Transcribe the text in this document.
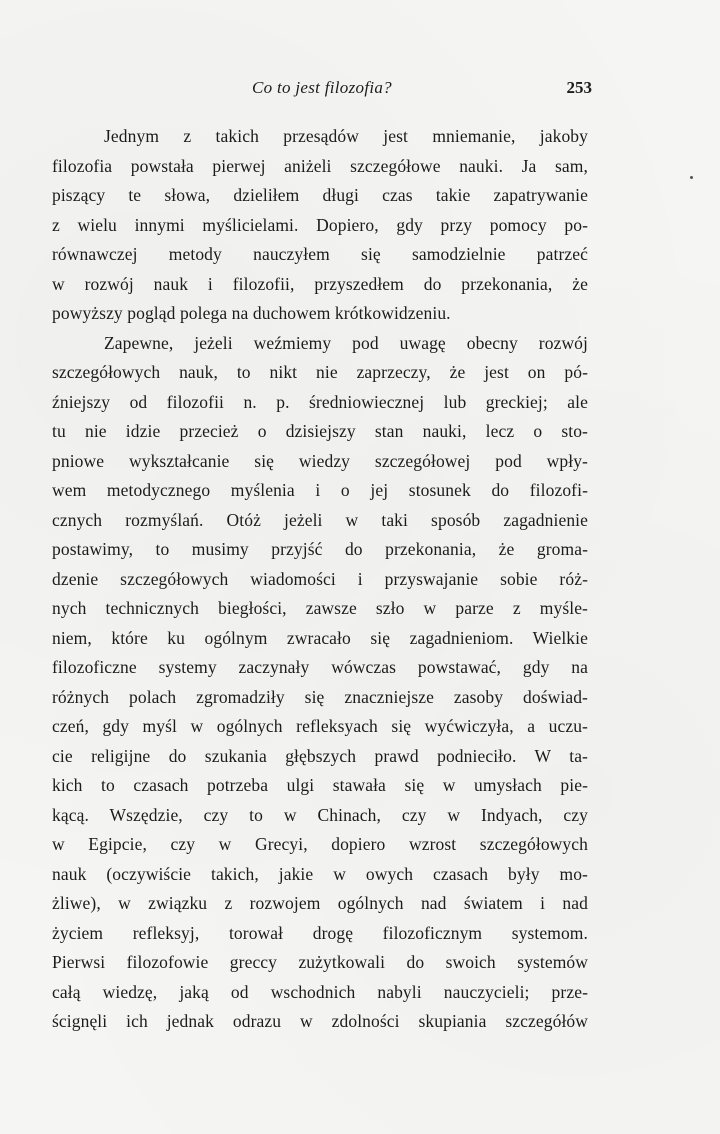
Co to jest filozofia?	253
Jednym z takich przesądów jest mniemanie, jakoby
filozofia powstała pierwej aniżeli szczegółowe nauki. Ja sam,
piszący te słowa, dzieliłem długi czas takie zapatrywanie
z wielu innymi myślicielami. Dopiero, gdy przy pomocy po-
równawczej metody nauczyłem się samodzielnie patrzeć
w rozwój nauk i filozofii, przyszedłem do przekonania, że
powyższy pogląd polega na duchowem krótkowidzeniu.
Zapewne, jeżeli weźmiemy pod uwagę obecny rozwój
szczegółowych nauk, to nikt nie zaprzeczy, że jest on pó-
źniejszy od filozofii n. p. średniowiecznej lub greckiej; ale
tu nie idzie przecież o dzisiejszy stan nauki, lecz o sto-
pniowe wykształcanie się wiedzy szczegółowej pod wpły-
wem metodycznego myślenia i o jej stosunek do filozofi-
cznych rozmyślań. Otóż jeżeli w taki sposób zagadnienie
postawimy, to musimy przyjść do przekonania, że groma-
dzenie szczegółowych wiadomości i przyswajanie sobie róż-
nych technicznych biegłości, zawsze szło w parze z myśle-
niem, które ku ogólnym zwracało się zagadnieniom. Wielkie
filozoficzne systemy zaczynały wówczas powstawać, gdy na
różnych polach zgromadziły się znaczniejsze zasoby doświad-
czeń, gdy myśl w ogólnych refleksyach się wyćwiczyła, a uczu-
cie religijne do szukania głębszych prawd podnieciło. W ta-
kich to czasach potrzeba ulgi stawała się w umysłach pie-
kącą. Wszędzie, czy to w Chinach, czy w Indyach, czy
w Egipcie, czy w Grecyi, dopiero wzrost szczegółowych
nauk (oczywiście takich, jakie w owych czasach były mo-
żliwe), w związku z rozwojem ogólnych nad światem i nad
życiem refleksyj, torował drogę filozoficznym systemom.
Pierwsi filozofowie greccy zużytkowali do swoich systemów
całą wiedzę, jaką od wschodnich nabyli nauczycieli; prze-
ścignęli ich jednak odrazu w zdolności skupiania szczegółów
